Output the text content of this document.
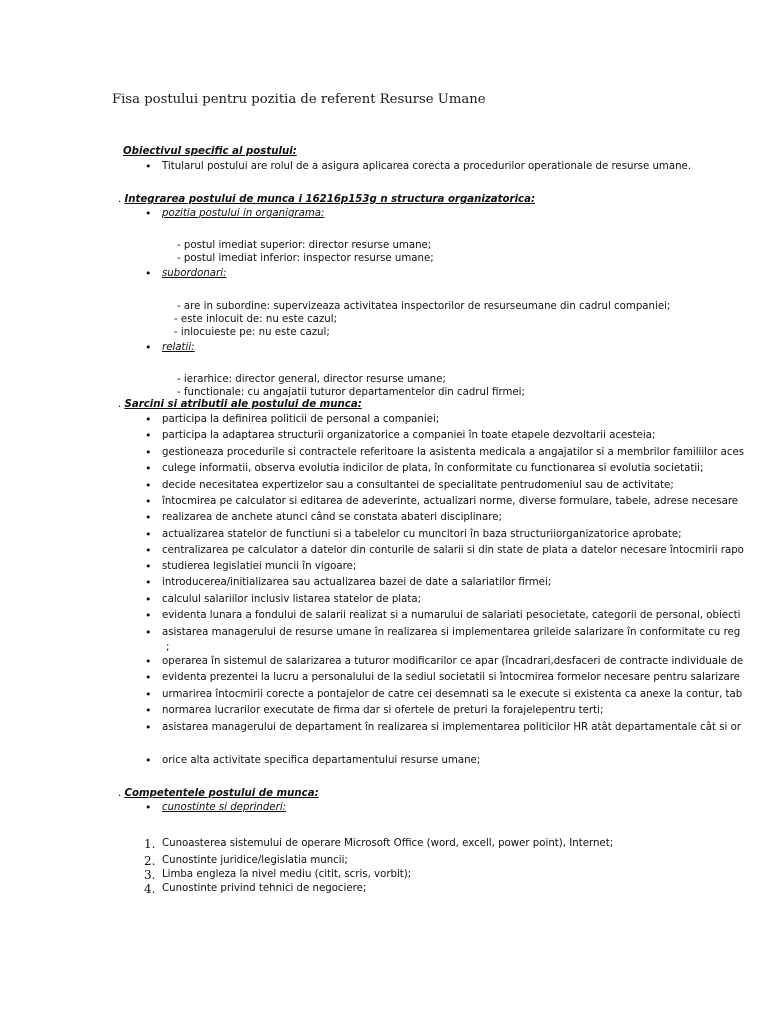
Fisa postului pentru pozitia de referent Resurse Umane
Obiectivul specific al postului:
• Titularul postului are rolul de a asigura aplicarea corecta a procedurilor operationale de resurse umane.
. Integrarea postului de munca i 16216p153g n structura organizatorica:
• pozitia postului in organigrama:
- postul imediat superior: director resurse umane;
- postul imediat inferior: inspector resurse umane;
• subordonari:
- are in subordine: supervizeaza activitatea inspectorilor de resurseumane din cadrul companiei;
- este inlocuit de: nu este cazul;
- inlocuieste pe: nu este cazul;
• relatii:
- ierarhice: director general, director resurse umane;
- functionale: cu angajatii tuturor departamentelor din cadrul firmei;
. Sarcini si atributii ale postului de munca:
• participa la definirea politicii de personal a companiei;
• participa la adaptarea structurii organizatorice a companiei în toate etapele dezvoltarii acesteia;
• gestioneaza procedurile si contractele referitoare la asistenta medicala a angajatilor si a membrilor familiilor aces
• culege informatii, observa evolutia indicilor de plata, în conformitate cu functionarea si evolutia societatii;
• decide necesitatea expertizelor sau a consultantei de specialitate pentrudomeniul sau de activitate;
• întocmirea pe calculator si editarea de adeverinte, actualizari norme, diverse formulare, tabele, adrese necesare
• realizarea de anchete atunci când se constata abateri disciplinare;
• actualizarea statelor de functiuni si a tabelelor cu muncitori în baza structuriiorganizatorice aprobate;
• centralizarea pe calculator a datelor din conturile de salarii si din state de plata a datelor necesare întocmirii rapo
• studierea legislatiei muncii în vigoare;
• introducerea/initializarea sau actualizarea bazei de date a salariatilor firmei;
• calculul salariilor inclusiv listarea statelor de plata;
• evidenta lunara a fondului de salarii realizat si a numarului de salariati pesocietate, categorii de personal, obiecti
• asistarea managerului de resurse umane în realizarea si implementarea grileide salarizare în conformitate cu reg
;
• operarea în sistemul de salarizarea a tuturor modificarilor ce apar (încadrari,desfaceri de contracte individuale de
• evidenta prezentei la lucru a personalului de la sediul societatii si întocmirea formelor necesare pentru salarizare
• urmarirea întocmirii corecte a pontajelor de catre cei desemnati sa le execute si existenta ca anexe la contur, tab
• normarea lucrarilor executate de firma dar si ofertele de preturi la forajelepentru terti;
• asistarea managerului de departament în realizarea si implementarea politicilor HR atât departamentale cât si or
• orice alta activitate specifica departamentului resurse umane;
. Competentele postului de munca:
• cunostinte si deprinderi:
1. Cunoasterea sistemului de operare Microsoft Office (word, excell, power point), Internet;
2. Cunostinte juridice/legislatia muncii;
3. Limba engleza la nivel mediu (citit, scris, vorbit);
4. Cunostinte privind tehnici de negociere;
